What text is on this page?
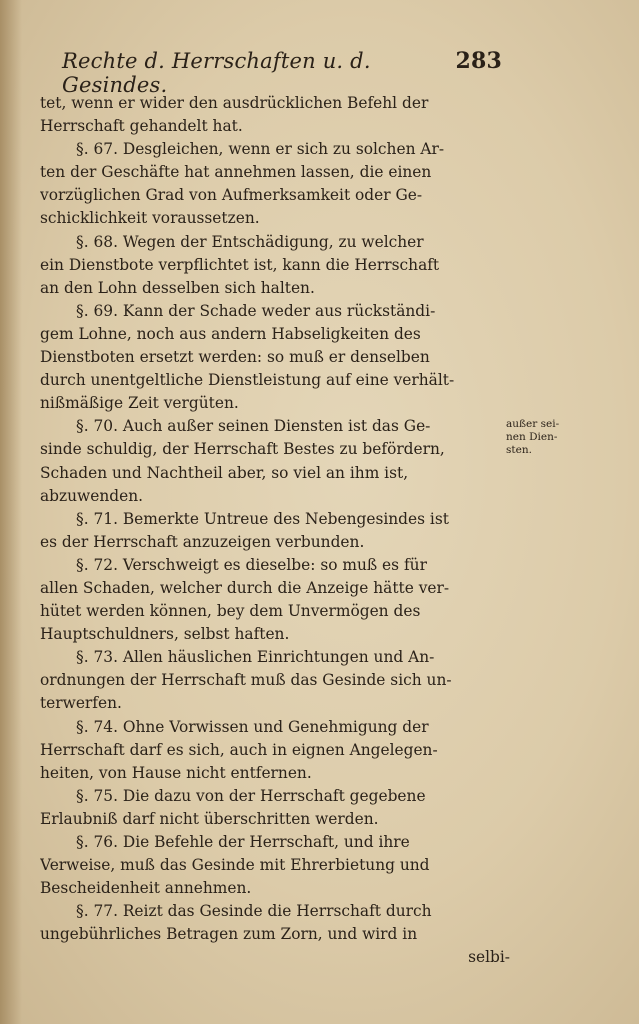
Rechte d. Herrschaften u. d. Gesindes.
283
tet, wenn er wider den ausdrücklichen Befehl der
Herrschaft gehandelt hat.
§. 67. Desgleichen, wenn er sich zu solchen Ar-
ten der Geschäfte hat annehmen lassen, die einen
vorzüglichen Grad von Aufmerksamkeit oder Ge-
schicklichkeit voraussetzen.
§. 68. Wegen der Entschädigung, zu welcher
ein Dienstbote verpflichtet ist, kann die Herrschaft
an den Lohn desselben sich halten.
§. 69. Kann der Schade weder aus rückständi-
gem Lohne, noch aus andern Habseligkeiten des
Dienstboten ersetzt werden: so muß er denselben
durch unentgeltliche Dienstleistung auf eine verhält-
nißmäßige Zeit vergüten.
§. 70. Auch außer seinen Diensten ist das Ge-
sinde schuldig, der Herrschaft Bestes zu befördern,
Schaden und Nachtheil aber, so viel an ihm ist,
abzuwenden.
§. 71. Bemerkte Untreue des Nebengesindes ist
es der Herrschaft anzuzeigen verbunden.
§. 72. Verschweigt es dieselbe: so muß es für
allen Schaden, welcher durch die Anzeige hätte ver-
hütet werden können, bey dem Unvermögen des
Hauptschuldners, selbst haften.
§. 73. Allen häuslichen Einrichtungen und An-
ordnungen der Herrschaft muß das Gesinde sich un-
terwerfen.
§. 74. Ohne Vorwissen und Genehmigung der
Herrschaft darf es sich, auch in eignen Angelegen-
heiten, von Hause nicht entfernen.
§. 75. Die dazu von der Herrschaft gegebene
Erlaubniß darf nicht überschritten werden.
§. 76. Die Befehle der Herrschaft, und ihre
Verweise, muß das Gesinde mit Ehrerbietung und
Bescheidenheit annehmen.
§. 77. Reizt das Gesinde die Herrschaft durch
ungebührliches Betragen zum Zorn, und wird in
selbi-
außer sei-
nen Dien-
sten.
